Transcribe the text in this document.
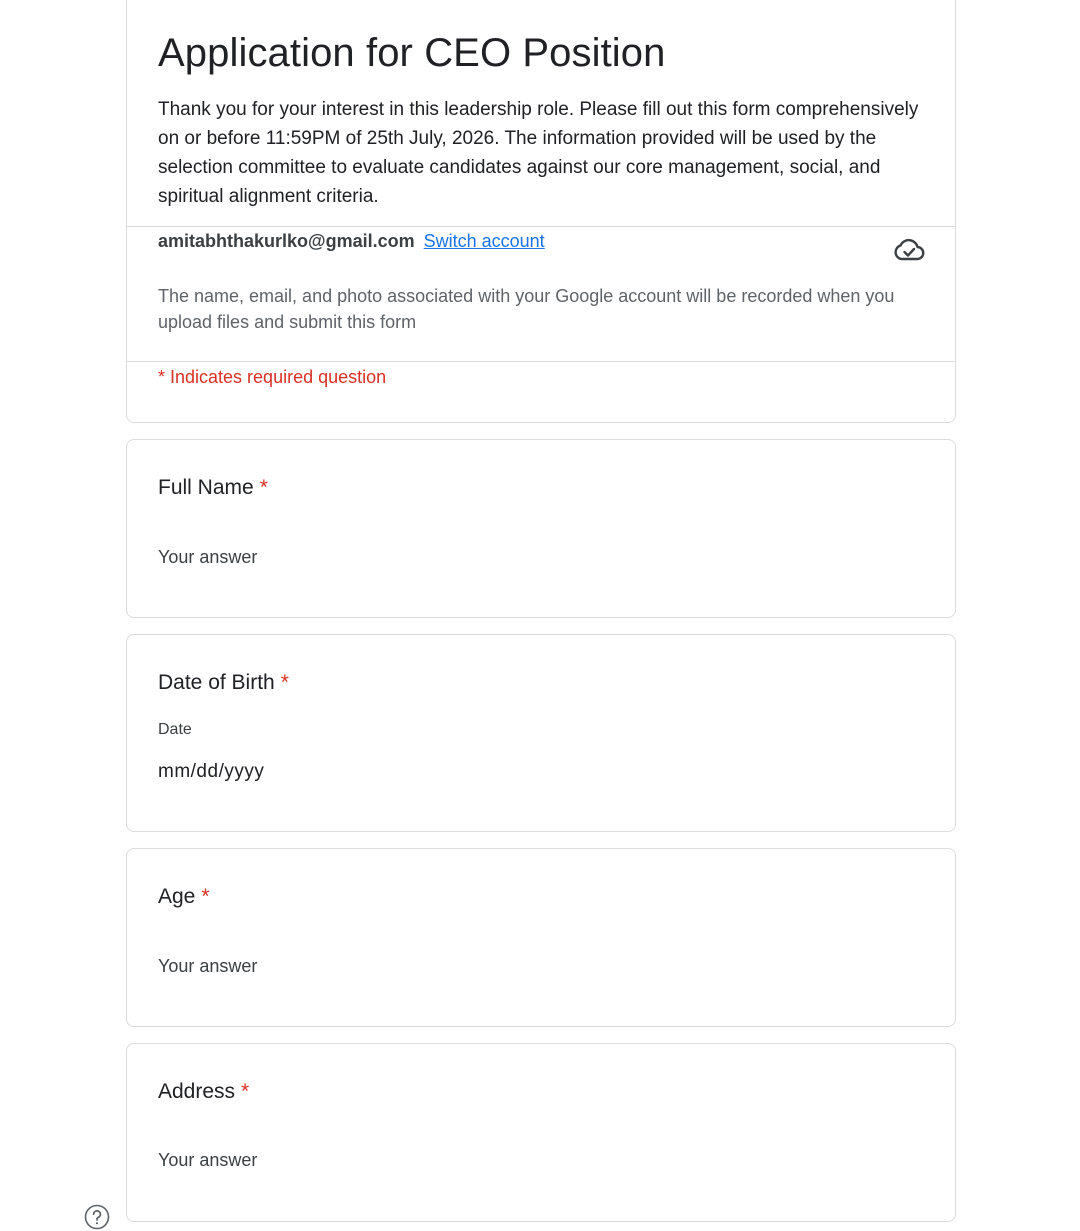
Application for CEO Position

Thank you for your interest in this leadership role. Please fill out this form comprehensively on or before 11:59PM of 25th July, 2026. The information provided will be used by the selection committee to evaluate candidates against our core management, social, and spiritual alignment criteria.

amitabhthakurlko@gmail.com Switch account

The name, email, and photo associated with your Google account will be recorded when you upload files and submit this form

* Indicates required question
Full Name *
Your answer
Date of Birth *
Date
mm/dd/yyyy
Age *
Your answer
Address *
Your answer
